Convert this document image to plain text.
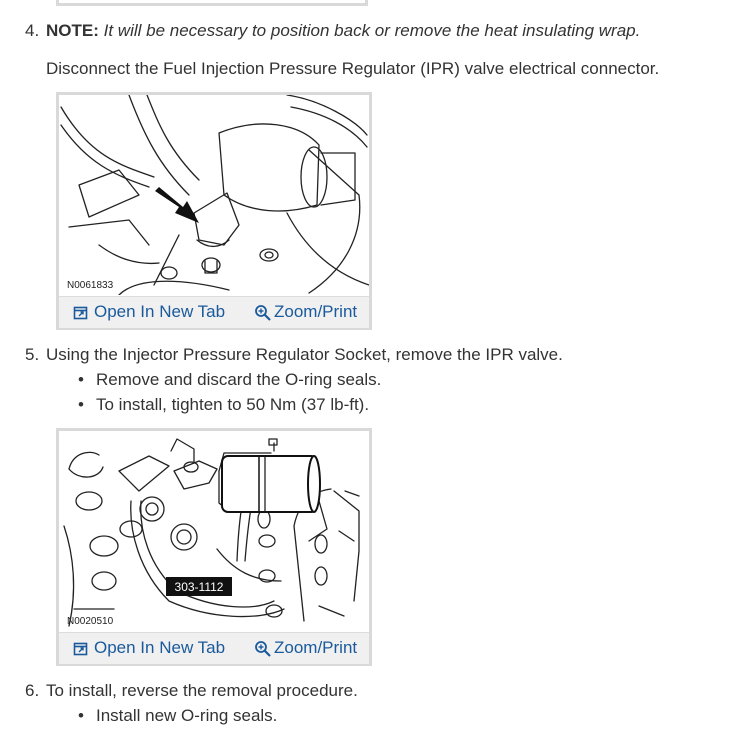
4. NOTE: It will be necessary to position back or remove the heat insulating wrap.
Disconnect the Fuel Injection Pressure Regulator (IPR) valve electrical connector.
N0061833
Open In New Tab	Zoom/Print
5. Using the Injector Pressure Regulator Socket, remove the IPR valve.
• Remove and discard the O-ring seals.
• To install, tighten to 50 Nm (37 lb-ft).
303-1112
N0020510
Open In New Tab	Zoom/Print
6. To install, reverse the removal procedure.
• Install new O-ring seals.
